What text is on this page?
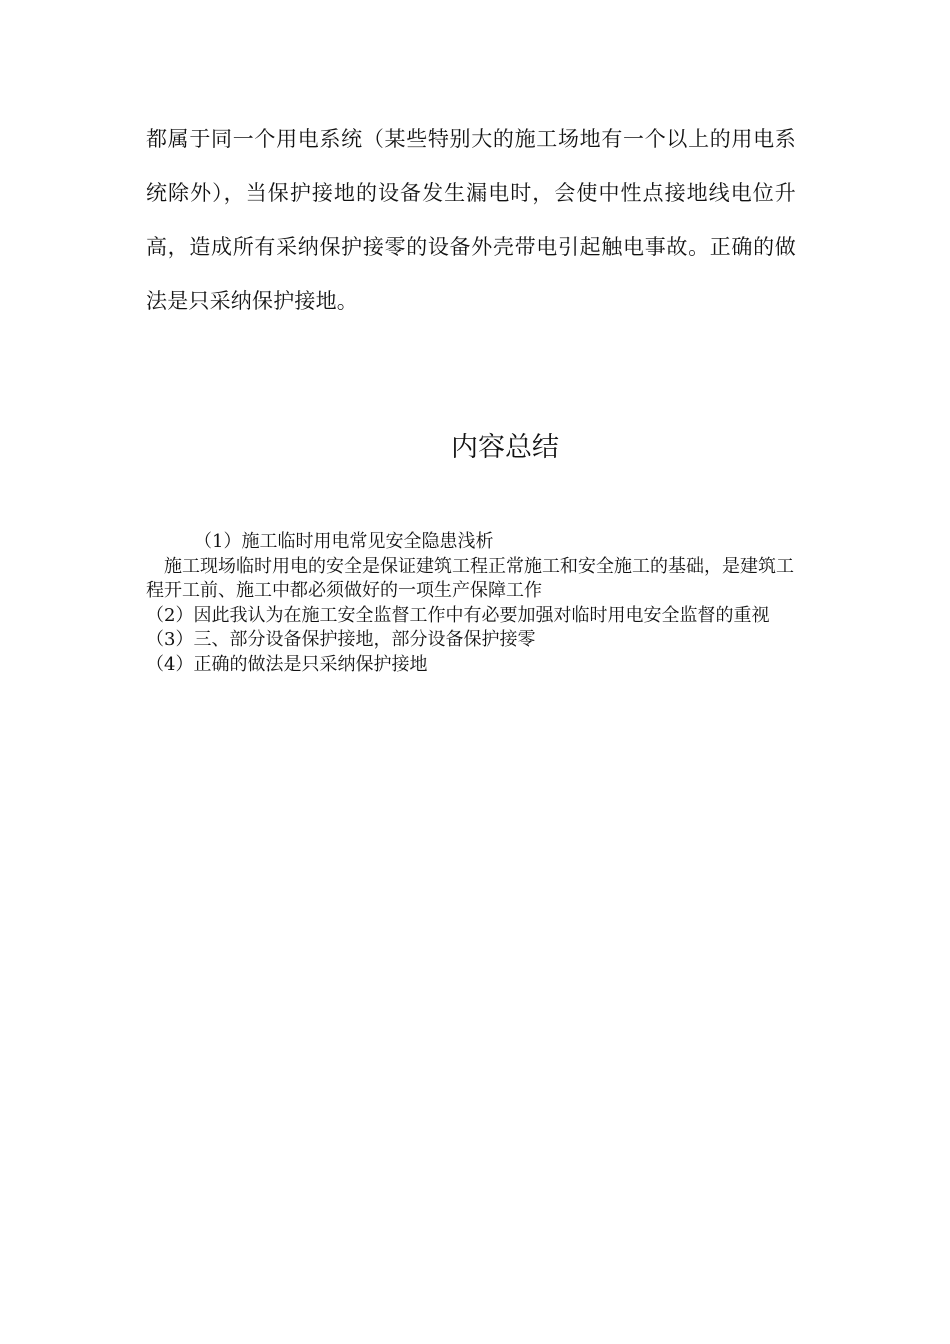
都属于同一个用电系统（某些特别大的施工场地有一个以上的用电系统除外），当保护接地的设备发生漏电时，会使中性点接地线电位升高，造成所有采纳保护接零的设备外壳带电引起触电事故。正确的做法是只采纳保护接地。

内容总结

（1）施工临时用电常见安全隐患浅析

施工现场临时用电的安全是保证建筑工程正常施工和安全施工的基础，是建筑工程开工前、施工中都必须做好的一项生产保障工作

（2）因此我认为在施工安全监督工作中有必要加强对临时用电安全监督的重视

（3）三、部分设备保护接地，部分设备保护接零

（4）正确的做法是只采纳保护接地
